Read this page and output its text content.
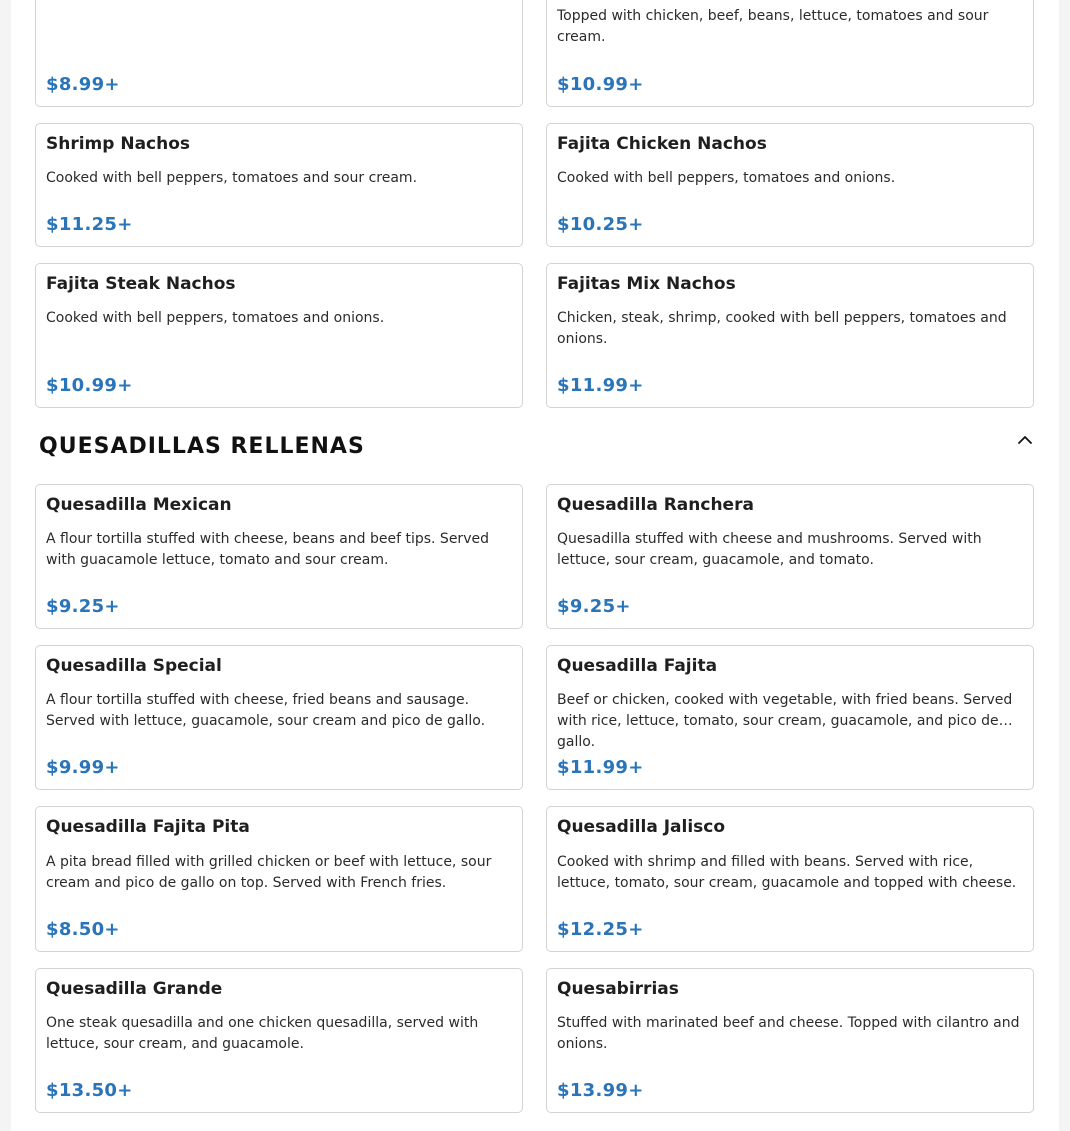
$8.99+
Topped with chicken, beef, beans, lettuce, tomatoes and sour cream.
$10.99+
Shrimp Nachos
Cooked with bell peppers, tomatoes and sour cream.
$11.25+
Fajita Chicken Nachos
Cooked with bell peppers, tomatoes and onions.
$10.25+
Fajita Steak Nachos
Cooked with bell peppers, tomatoes and onions.
$10.99+
Fajitas Mix Nachos
Chicken, steak, shrimp, cooked with bell peppers, tomatoes and onions.
$11.99+
QUESADILLAS RELLENAS
Quesadilla Mexican
A flour tortilla stuffed with cheese, beans and beef tips. Served with guacamole lettuce, tomato and sour cream.
$9.25+
Quesadilla Ranchera
Quesadilla stuffed with cheese and mushrooms. Served with lettuce, sour cream, guacamole, and tomato.
$9.25+
Quesadilla Special
A flour tortilla stuffed with cheese, fried beans and sausage. Served with lettuce, guacamole, sour cream and pico de gallo.
$9.99+
Quesadilla Fajita
Beef or chicken, cooked with vegetable, with fried beans. Served with rice, lettuce, tomato, sour cream, guacamole, and pico de gallo.
$11.99+
Quesadilla Fajita Pita
A pita bread filled with grilled chicken or beef with lettuce, sour cream and pico de gallo on top. Served with French fries.
$8.50+
Quesadilla Jalisco
Cooked with shrimp and filled with beans. Served with rice, lettuce, tomato, sour cream, guacamole and topped with cheese.
$12.25+
Quesadilla Grande
One steak quesadilla and one chicken quesadilla, served with lettuce, sour cream, and guacamole.
$13.50+
Quesabirrias
Stuffed with marinated beef and cheese. Topped with cilantro and onions.
$13.99+
